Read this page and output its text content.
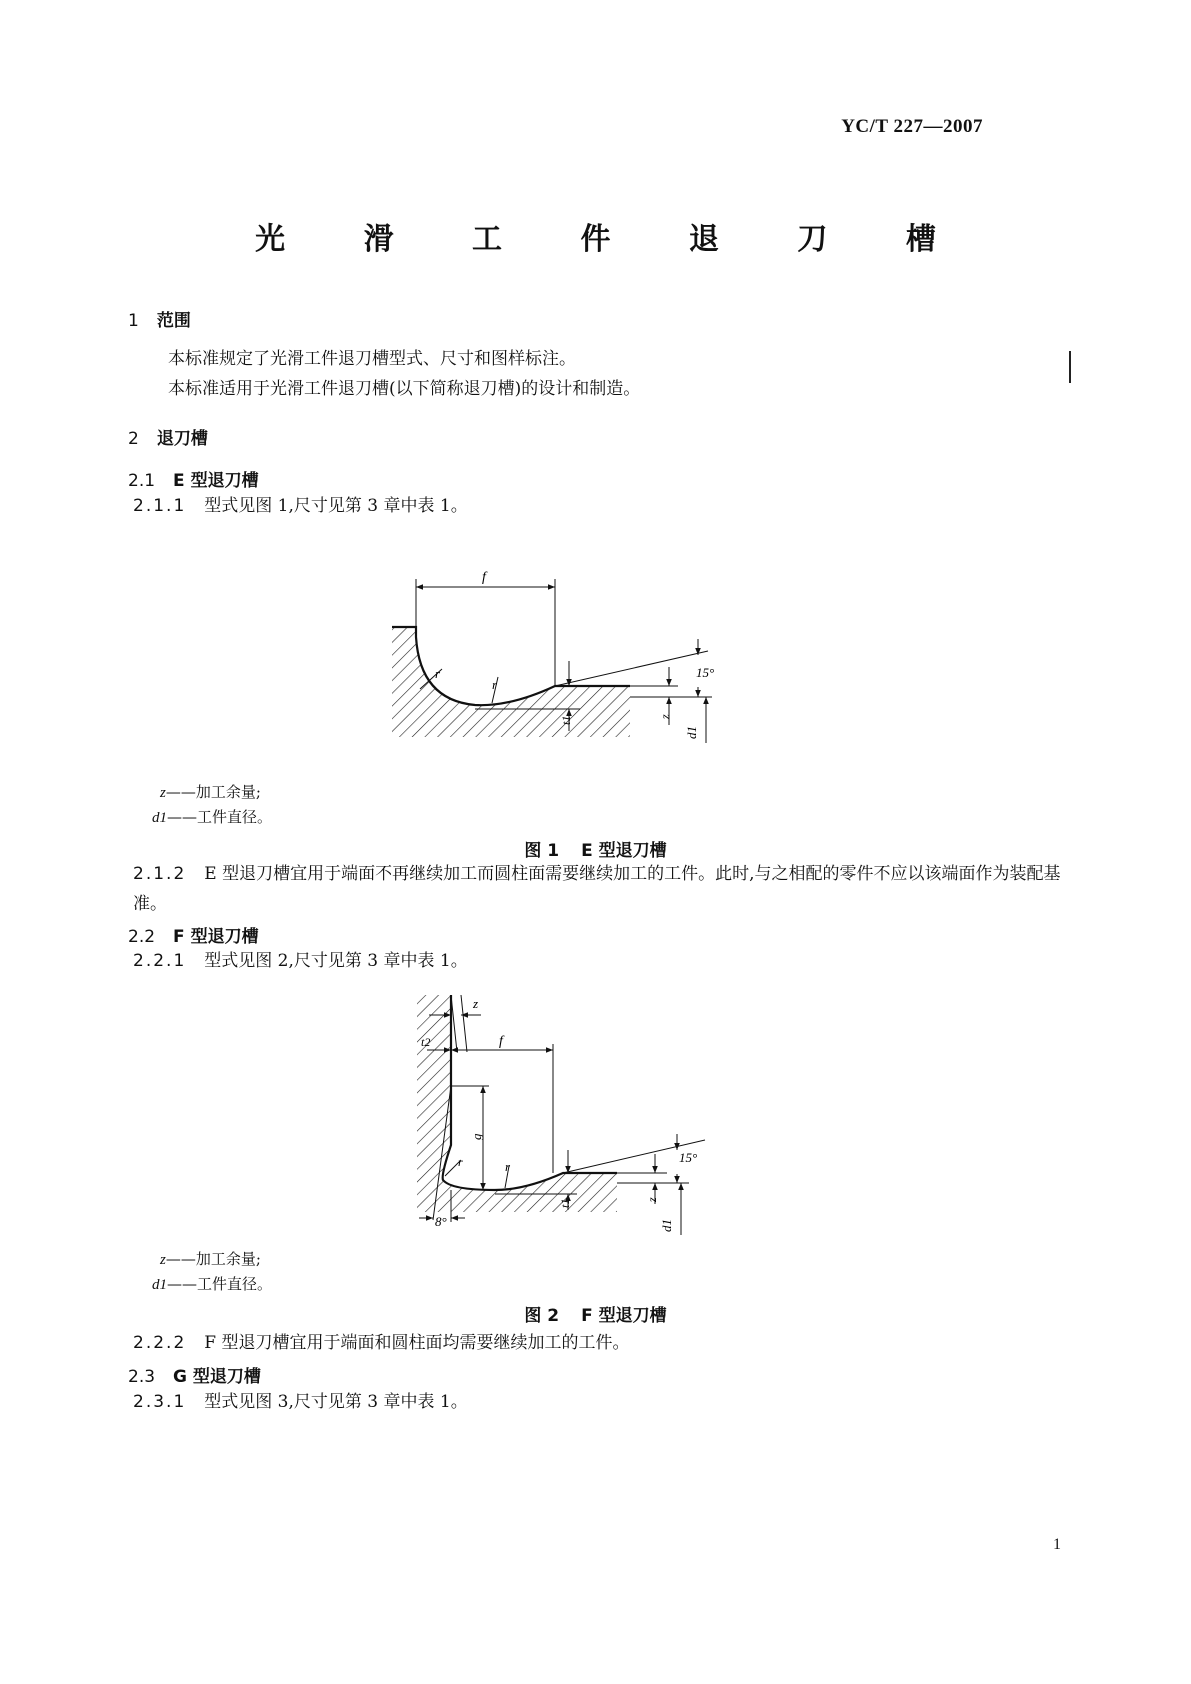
YC/T 227—2007
光 滑 工 件 退 刀 槽
1 范围
本标准规定了光滑工件退刀槽型式、尺寸和图样标注。
本标准适用于光滑工件退刀槽(以下简称退刀槽)的设计和制造。
2 退刀槽
2.1 E 型退刀槽
2.1.1 型式见图 1,尺寸见第 3 章中表 1。
f
r
r
t1	z
15°
d1
z——加工余量;
d1——工件直径。
图 1 E 型退刀槽
2.1.2 E 型退刀槽宜用于端面不再继续加工而圆柱面需要继续加工的工件。此时,与之相配的零件不应以该端面作为装配基准。
2.2 F 型退刀槽
2.2.1 型式见图 2,尺寸见第 3 章中表 1。
z
t2	f
g
r	r
t1	z
15°
d1
8°
z——加工余量;
d1——工件直径。
图 2 F 型退刀槽
2.2.2 F 型退刀槽宜用于端面和圆柱面均需要继续加工的工件。
2.3 G 型退刀槽
2.3.1 型式见图 3,尺寸见第 3 章中表 1。
1
